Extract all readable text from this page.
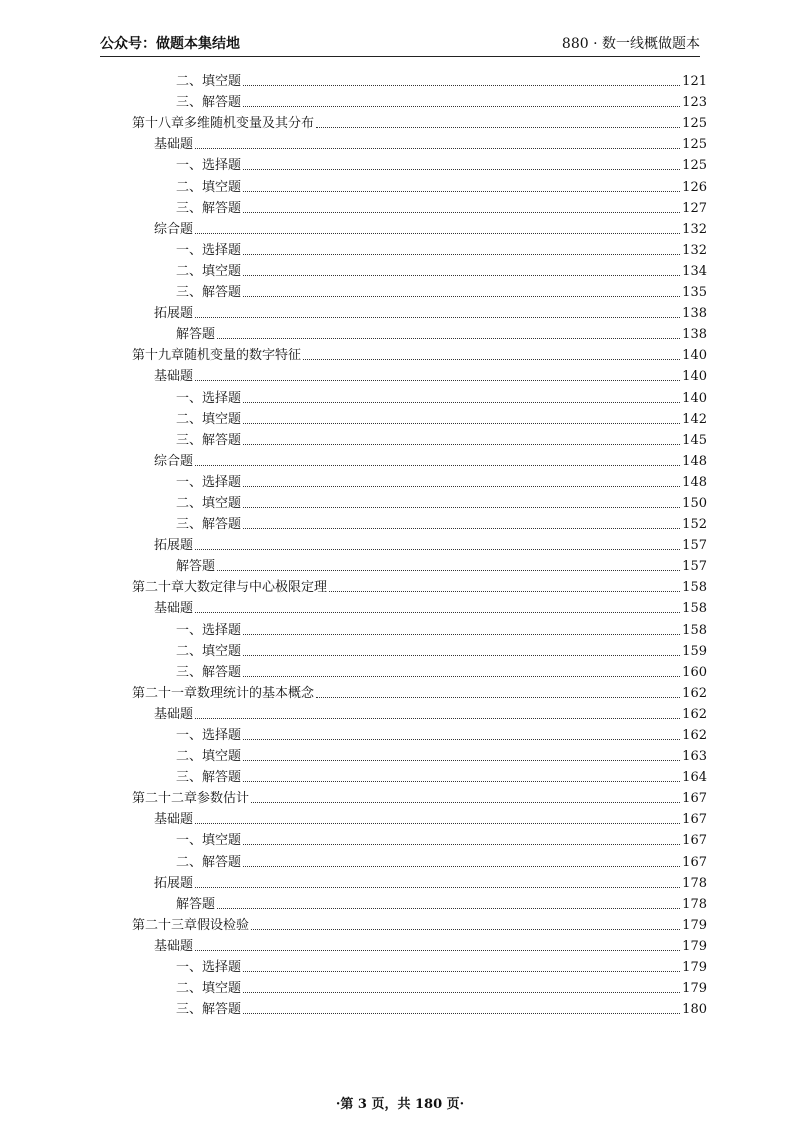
公众号：做题本集结地	880 · 数一线概做题本
二、填空题	121
三、解答题	123
第十八章多维随机变量及其分布	125
基础题	125
一、选择题	125
二、填空题	126
三、解答题	127
综合题	132
一、选择题	132
二、填空题	134
三、解答题	135
拓展题	138
解答题	138
第十九章随机变量的数字特征	140
基础题	140
一、选择题	140
二、填空题	142
三、解答题	145
综合题	148
一、选择题	148
二、填空题	150
三、解答题	152
拓展题	157
解答题	157
第二十章大数定律与中心极限定理	158
基础题	158
一、选择题	158
二、填空题	159
三、解答题	160
第二十一章数理统计的基本概念	162
基础题	162
一、选择题	162
二、填空题	163
三、解答题	164
第二十二章参数估计	167
基础题	167
一、填空题	167
二、解答题	167
拓展题	178
解答题	178
第二十三章假设检验	179
基础题	179
一、选择题	179
二、填空题	179
三、解答题	180
·第 3 页，共 180 页·
